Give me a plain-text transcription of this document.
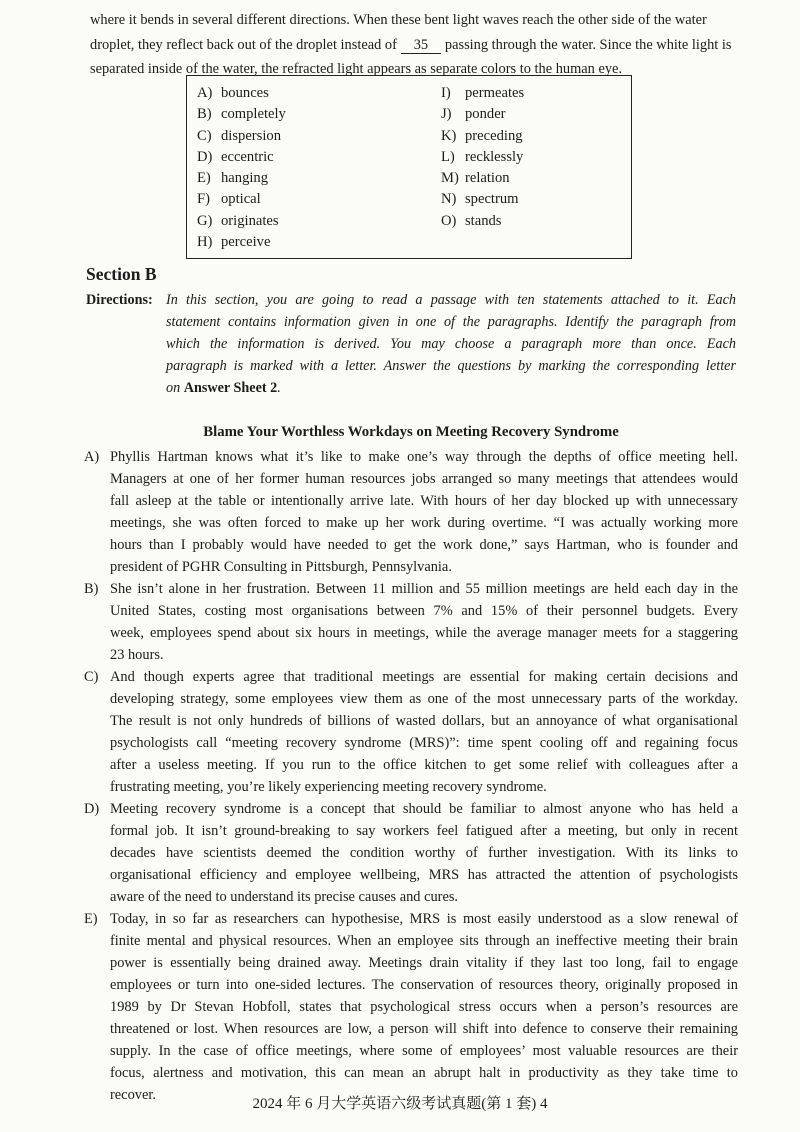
where it bends in several different directions. When these bent light waves reach the other side of the water
droplet, they reflect back out of the droplet instead of 35 passing through the water. Since the white light is
separated inside of the water, the refracted light appears as separate colors to the human eye.
A) bounces
B) completely
C) dispersion
D) eccentric
E) hanging
F) optical
G) originates
H) perceive
I) permeates
J) ponder
K) preceding
L) recklessly
M) relation
N) spectrum
O) stands
Section B
Directions: In this section, you are going to read a passage with ten statements attached to it. Each
statement contains information given in one of the paragraphs. Identify the paragraph from
which the information is derived. You may choose a paragraph more than once. Each
paragraph is marked with a letter. Answer the questions by marking the corresponding letter
on Answer Sheet 2.
Blame Your Worthless Workdays on Meeting Recovery Syndrome
A) Phyllis Hartman knows what it’s like to make one’s way through the depths of office meeting hell.
Managers at one of her former human resources jobs arranged so many meetings that attendees would
fall asleep at the table or intentionally arrive late. With hours of her day blocked up with unnecessary
meetings, she was often forced to make up her work during overtime. “I was actually working more
hours than I probably would have needed to get the work done,” says Hartman, who is founder and
president of PGHR Consulting in Pittsburgh, Pennsylvania.
B) She isn’t alone in her frustration. Between 11 million and 55 million meetings are held each day in the
United States, costing most organisations between 7% and 15% of their personnel budgets. Every
week, employees spend about six hours in meetings, while the average manager meets for a staggering
23 hours.
C) And though experts agree that traditional meetings are essential for making certain decisions and
developing strategy, some employees view them as one of the most unnecessary parts of the workday.
The result is not only hundreds of billions of wasted dollars, but an annoyance of what organisational
psychologists call “meeting recovery syndrome (MRS)”: time spent cooling off and regaining focus
after a useless meeting. If you run to the office kitchen to get some relief with colleagues after a
frustrating meeting, you’re likely experiencing meeting recovery syndrome.
D) Meeting recovery syndrome is a concept that should be familiar to almost anyone who has held a
formal job. It isn’t ground-breaking to say workers feel fatigued after a meeting, but only in recent
decades have scientists deemed the condition worthy of further investigation. With its links to
organisational efficiency and employee wellbeing, MRS has attracted the attention of psychologists
aware of the need to understand its precise causes and cures.
E) Today, in so far as researchers can hypothesise, MRS is most easily understood as a slow renewal of
finite mental and physical resources. When an employee sits through an ineffective meeting their brain
power is essentially being drained away. Meetings drain vitality if they last too long, fail to engage
employees or turn into one-sided lectures. The conservation of resources theory, originally proposed in
1989 by Dr Stevan Hobfoll, states that psychological stress occurs when a person’s resources are
threatened or lost. When resources are low, a person will shift into defence to conserve their remaining
supply. In the case of office meetings, where some of employees’ most valuable resources are their
focus, alertness and motivation, this can mean an abrupt halt in productivity as they take time to
recover.
2024 年 6 月大学英语六级考试真题(第 1 套) 4
